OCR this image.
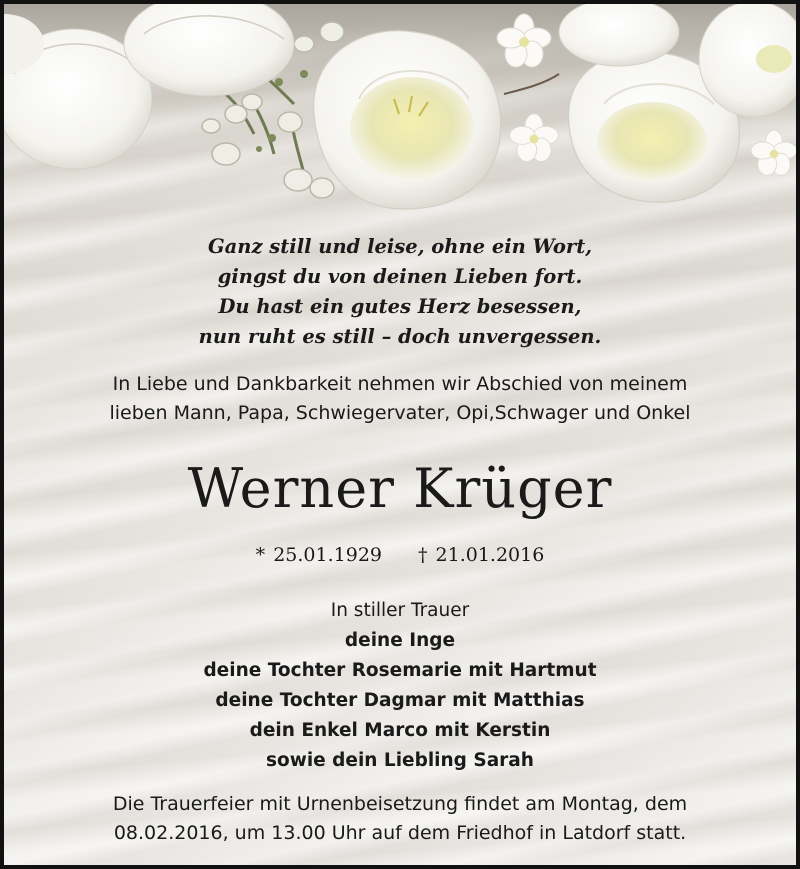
Ganz still und leise, ohne ein Wort,
gingst du von deinen Lieben fort.
Du hast ein gutes Herz besessen,
nun ruht es still – doch unvergessen.
In Liebe und Dankbarkeit nehmen wir Abschied von meinem
lieben Mann, Papa, Schwiegervater, Opi,Schwager und Onkel
Werner Krüger
* 25.01.1929 † 21.01.2016
In stiller Trauer
deine Inge
deine Tochter Rosemarie mit Hartmut
deine Tochter Dagmar mit Matthias
dein Enkel Marco mit Kerstin
sowie dein Liebling Sarah
Die Trauerfeier mit Urnenbeisetzung findet am Montag, dem
08.02.2016, um 13.00 Uhr auf dem Friedhof in Latdorf statt.
